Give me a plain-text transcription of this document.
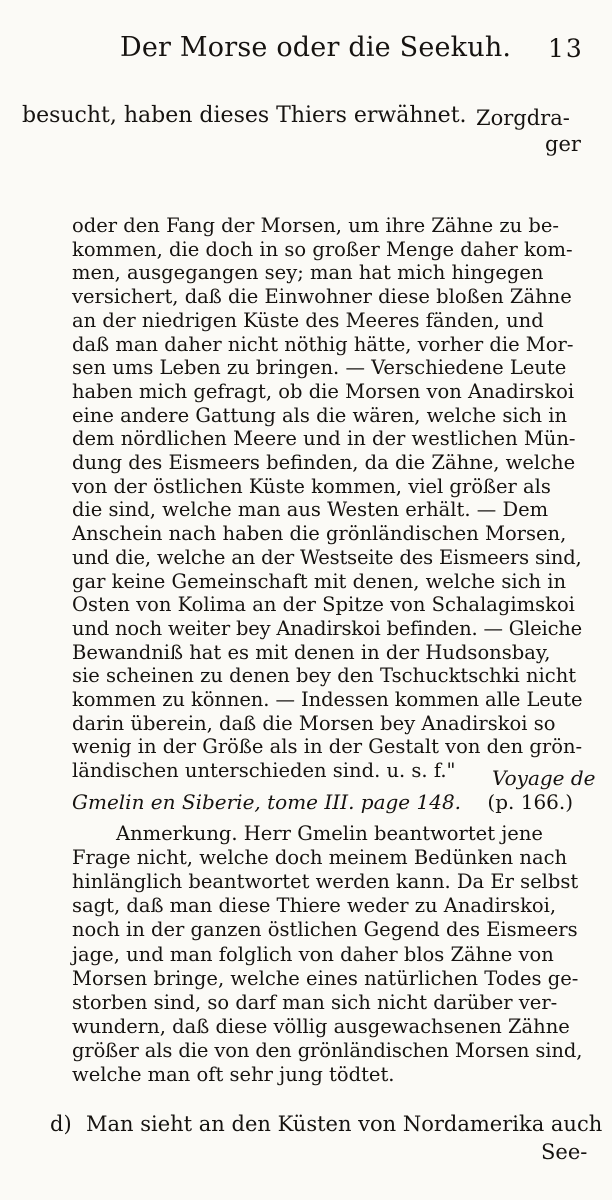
Der Morse oder die Seekuh. 13
besucht, haben dieses Thiers erwähnet. Zorgdra-
ger
oder den Fang der Morsen, um ihre Zähne zu be-
kommen, die doch in so großer Menge daher kom-
men, ausgegangen sey; man hat mich hingegen
versichert, daß die Einwohner diese bloßen Zähne
an der niedrigen Küste des Meeres fänden, und
daß man daher nicht nöthig hätte, vorher die Mor-
sen ums Leben zu bringen. — Verschiedene Leute
haben mich gefragt, ob die Morsen von Anadirskoi
eine andere Gattung als die wären, welche sich in
dem nördlichen Meere und in der westlichen Mün-
dung des Eismeers befinden, da die Zähne, welche
von der östlichen Küste kommen, viel größer als
die sind, welche man aus Westen erhält. — Dem
Anschein nach haben die grönländischen Morsen,
und die, welche an der Westseite des Eismeers sind,
gar keine Gemeinschaft mit denen, welche sich in
Osten von Kolima an der Spitze von Schalagimskoi
und noch weiter bey Anadirskoi befinden. — Gleiche
Bewandniß hat es mit denen in der Hudsonsbay,
sie scheinen zu denen bey den Tschucktschki nicht
kommen zu können. — Indessen kommen alle Leute
darin überein, daß die Morsen bey Anadirskoi so
wenig in der Größe als in der Gestalt von den grön-
ländischen unterschieden sind. u. s. f."	Voyage de
Gmelin en Siberie, tome III. page 148. (p. 166.)
Anmerkung. Herr Gmelin beantwortet jene
Frage nicht, welche doch meinem Bedünken nach
hinlänglich beantwortet werden kann. Da Er selbst
sagt, daß man diese Thiere weder zu Anadirskoi,
noch in der ganzen östlichen Gegend des Eismeers
jage, und man folglich von daher blos Zähne von
Morsen bringe, welche eines natürlichen Todes ge-
storben sind, so darf man sich nicht darüber ver-
wundern, daß diese völlig ausgewachsenen Zähne
größer als die von den grönländischen Morsen sind,
welche man oft sehr jung tödtet.
d) Man sieht an den Küsten von Nordamerika auch
See-
